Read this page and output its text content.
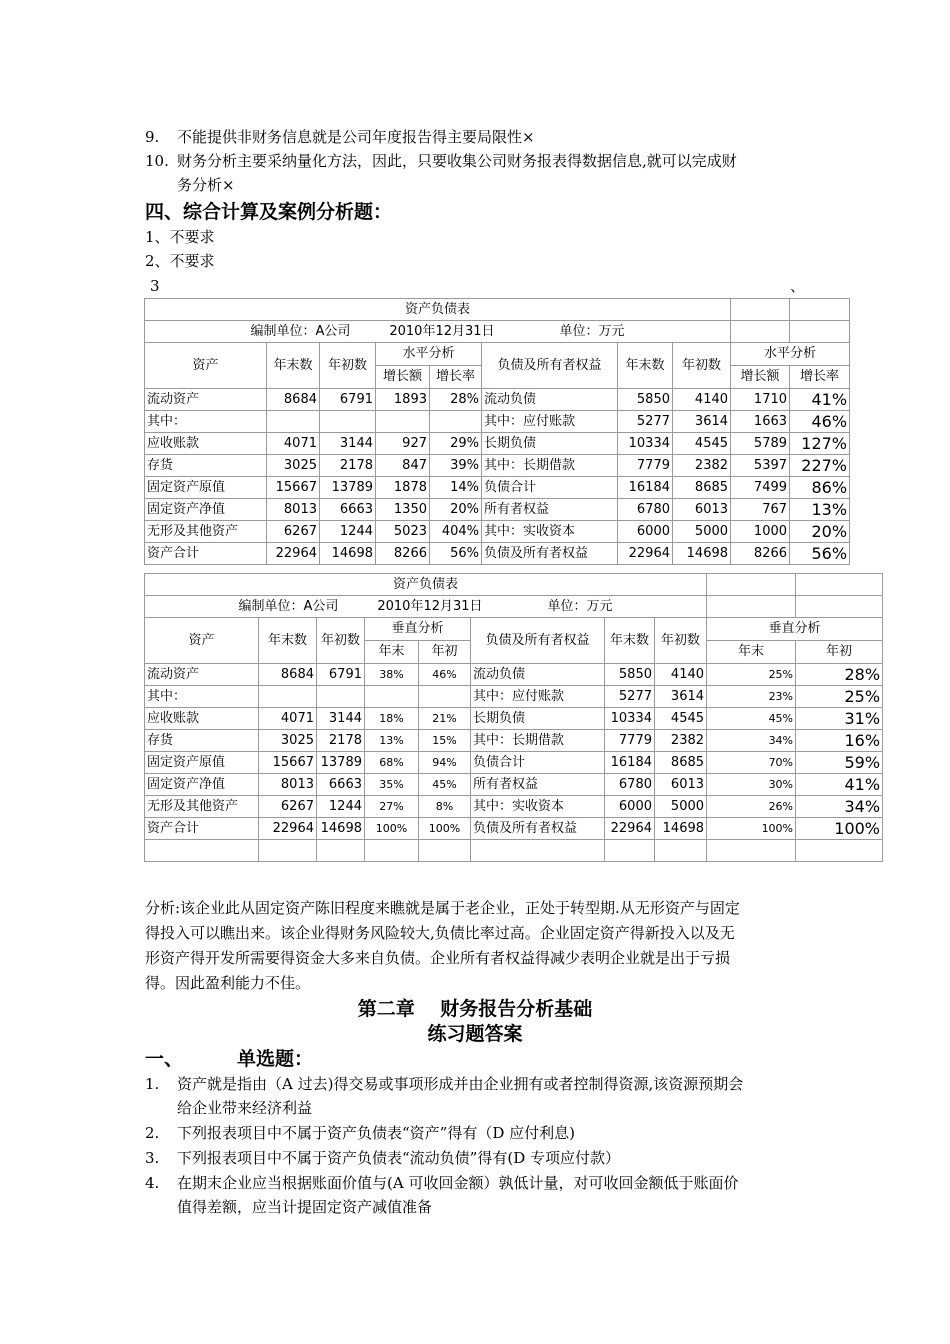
9. 不能提供非财务信息就是公司年度报告得主要局限性×
10. 财务分析主要采纳量化方法，因此，只要收集公司财务报表得数据信息,就可以完成财
务分析×
四、综合计算及案例分析题：
1、不要求
2、不要求
3	、
资产负债表									
编制单位：A公司　　　2010年12月31日　　　　　单位：万元									
资产	年末数	年初数	水平分析		负债及所有者权益	年末数	年初数	水平分析	
			增长额	增长率				增长额	增长率
流动资产	8684	6791	1893	28%	流动负债	5850	4140	1710	41%
其中：					其中：应付账款	5277	3614	1663	46%
应收账款	4071	3144	927	29%	长期负债	10334	4545	5789	127%
存货	3025	2178	847	39%	其中：长期借款	7779	2382	5397	227%
固定资产原值	15667	13789	1878	14%	负债合计	16184	8685	7499	86%
固定资产净值	8013	6663	1350	20%	所有者权益	6780	6013	767	13%
无形及其他资产	6267	1244	5023	404%	其中：实收资本	6000	5000	1000	20%
资产合计	22964	14698	8266	56%	负债及所有者权益	22964	14698	8266	56%
资产负债表									
编制单位：A公司　　　2010年12月31日　　　　　单位：万元									
资产	年末数	年初数	垂直分析		负债及所有者权益	年末数	年初数	垂直分析	
			年末	年初				年末	年初
流动资产	8684	6791	38%	46%	流动负债	5850	4140	25%	28%
其中：					其中：应付账款	5277	3614	23%	25%
应收账款	4071	3144	18%	21%	长期负债	10334	4545	45%	31%
存货	3025	2178	13%	15%	其中：长期借款	7779	2382	34%	16%
固定资产原值	15667	13789	68%	94%	负债合计	16184	8685	70%	59%
固定资产净值	8013	6663	35%	45%	所有者权益	6780	6013	30%	41%
无形及其他资产	6267	1244	27%	8%	其中：实收资本	6000	5000	26%	34%
资产合计	22964	14698	100%	100%	负债及所有者权益	22964	14698	100%	100%

分析:该企业此从固定资产陈旧程度来瞧就是属于老企业，正处于转型期.从无形资产与固定
得投入可以瞧出来。该企业得财务风险较大,负债比率过高。企业固定资产得新投入以及无
形资产得开发所需要得资金大多来自负债。企业所有者权益得减少表明企业就是出于亏损
得。因此盈利能力不佳。
第二章　 财务报告分析基础
练习题答案
一、	单选题：
1. 资产就是指由（A 过去)得交易或事项形成并由企业拥有或者控制得资源,该资源预期会
给企业带来经济利益
2. 下列报表项目中不属于资产负债表“资产”得有（D 应付利息)
3. 下列报表项目中不属于资产负债表“流动负债”得有(D 专项应付款）
4. 在期末企业应当根据账面价值与(A 可收回金额）孰低计量，对可收回金额低于账面价
值得差额，应当计提固定资产减值准备
